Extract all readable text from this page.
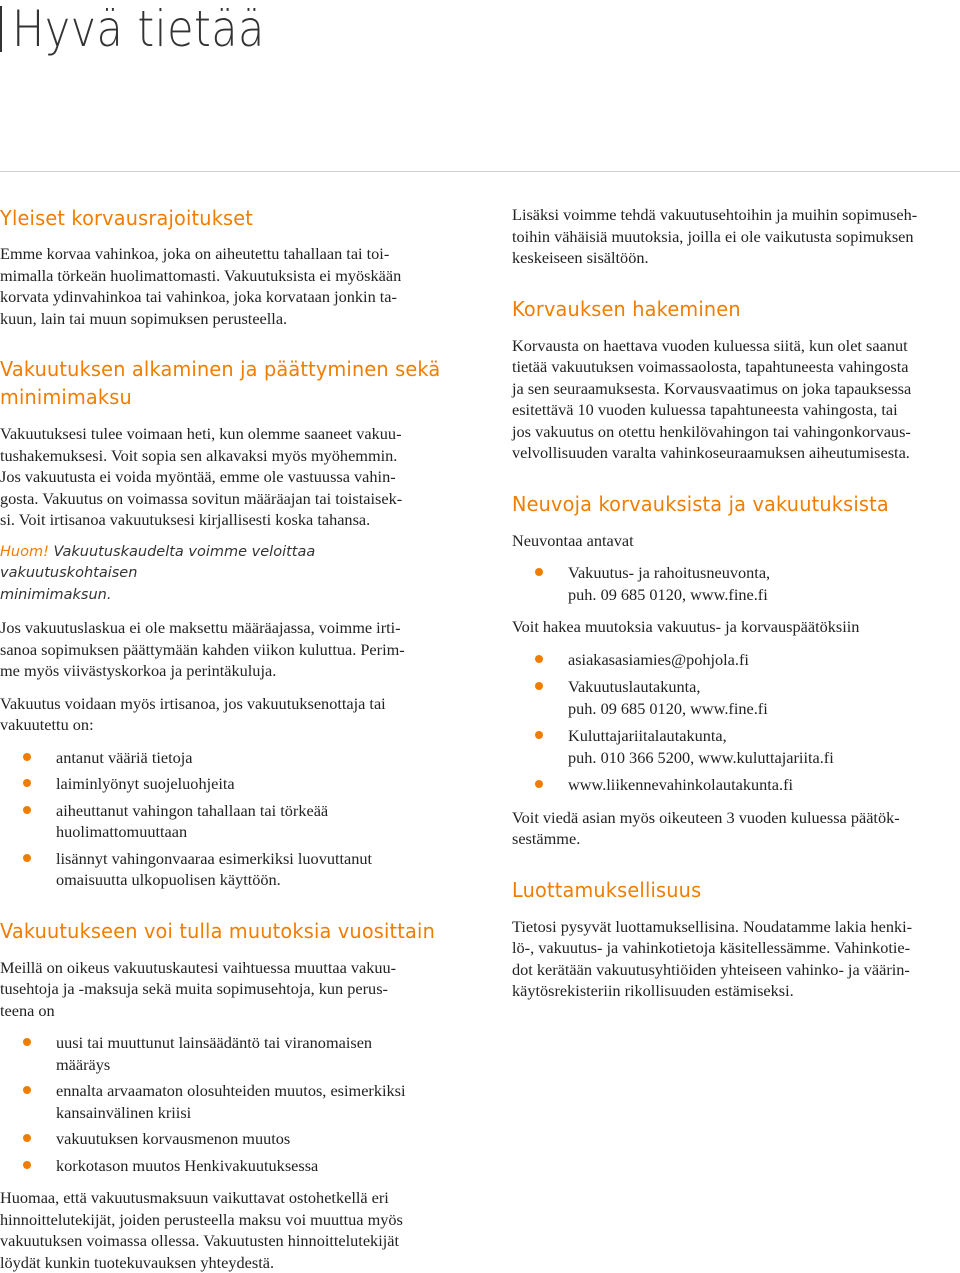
Hyvä tietää
Yleiset korvausrajoitukset

Emme korvaa vahinkoa, joka on aiheutettu tahallaan tai toi-
mimalla törkeän huolimattomasti. Vakuutuksista ei myöskään
korvata ydinvahinkoa tai vahinkoa, joka korvataan jonkin ta-
kuun, lain tai muun sopimuksen perusteella.

Vakuutuksen alkaminen ja päättyminen sekä
minimimaksu

Vakuutuksesi tulee voimaan heti, kun olemme saaneet vakuu-
tushakemuksesi. Voit sopia sen alkavaksi myös myöhemmin.
Jos vakuutusta ei voida myöntää, emme ole vastuussa vahin-
gosta. Vakuutus on voimassa sovitun määräajan tai toistaisek-
si. Voit irtisanoa vakuutuksesi kirjallisesti koska tahansa.

Huom! Vakuutuskaudelta voimme veloittaa vakuutuskohtaisen
minimimaksun.

Jos vakuutuslaskua ei ole maksettu määräajassa, voimme irti-
sanoa sopimuksen päättymään kahden viikon kuluttua. Perim-
me myös viivästyskorkoa ja perintäkuluja.

Vakuutus voidaan myös irtisanoa, jos vakuutuksenottaja tai
vakuutettu on:

antanut vääriä tietoja
laiminlyönyt suojeluohjeita
aiheuttanut vahingon tahallaan tai törkeää
huolimattomuuttaan
lisännyt vahingonvaaraa esimerkiksi luovuttanut
omaisuutta ulkopuolisen käyttöön.
Vakuutukseen voi tulla muutoksia vuosittain

Meillä on oikeus vakuutuskautesi vaihtuessa muuttaa vakuu-
tusehtoja ja -maksuja sekä muita sopimusehtoja, kun perus-
teena on

uusi tai muuttunut lainsäädäntö tai viranomaisen
määräys
ennalta arvaamaton olosuhteiden muutos, esimerkiksi
kansainvälinen kriisi
vakuutuksen korvausmenon muutos
korkotason muutos Henkivakuutuksessa

Huomaa, että vakuutusmaksuun vaikuttavat ostohetkellä eri
hinnoittelutekijät, joiden perusteella maksu voi muuttua myös
vakuutuksen voimassa ollessa. Vakuutusten hinnoittelutekijät
löydät kunkin tuotekuvauksen yhteydestä.

Lisäksi voimme tehdä vakuutusehtoihin ja muihin sopimuseh-
toihin vähäisiä muutoksia, joilla ei ole vaikutusta sopimuksen
keskeiseen sisältöön.

Korvauksen hakeminen

Korvausta on haettava vuoden kuluessa siitä, kun olet saanut
tietää vakuutuksen voimassaolosta, tapahtuneesta vahingosta
ja sen seuraamuksesta. Korvausvaatimus on joka tapauksessa
esitettävä 10 vuoden kuluessa tapahtuneesta vahingosta, tai
jos vakuutus on otettu henkilövahingon tai vahingonkorvaus-
velvollisuuden varalta vahinkoseuraamuksen aiheutumisesta.

Neuvoja korvauksista ja vakuutuksista

Neuvontaa antavat

Vakuutus- ja rahoitusneuvonta,
puh. 09 685 0120, www.fine.fi

Voit hakea muutoksia vakuutus- ja korvauspäätöksiin

asiakasasiamies@pohjola.fi
Vakuutuslautakunta,
puh. 09 685 0120, www.fine.fi
Kuluttajariitalautakunta,
puh. 010 366 5200, www.kuluttajariita.fi
www.liikennevahinkolautakunta.fi

Voit viedä asian myös oikeuteen 3 vuoden kuluessa päätök-
sestämme.

Luottamuksellisuus

Tietosi pysyvät luottamuksellisina. Noudatamme lakia henki-
lö-, vakuutus- ja vahinkotietoja käsitellessämme. Vahinkotie-
dot kerätään vakuutusyhtiöiden yhteiseen vahinko- ja väärin-
käytösrekisteriin rikollisuuden estämiseksi.
